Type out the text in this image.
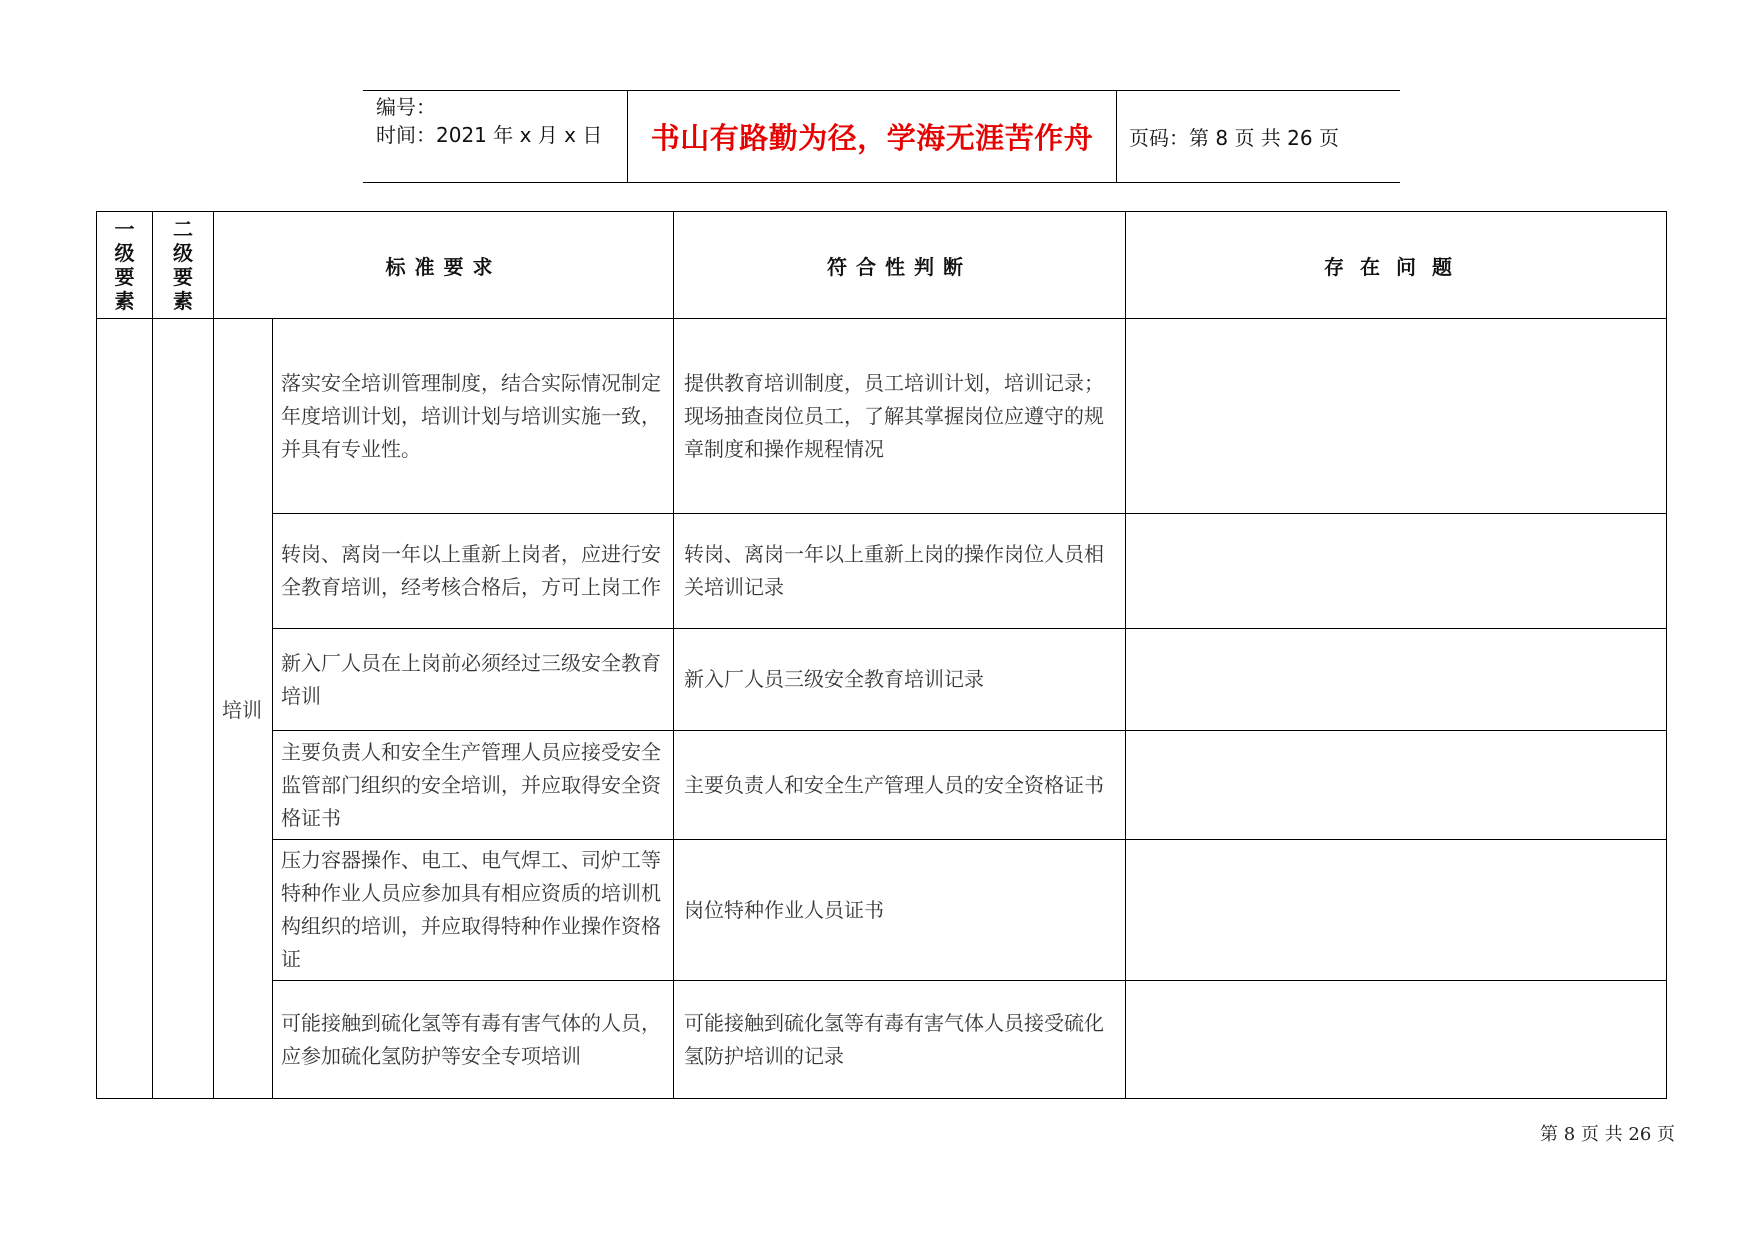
编号：
时间：2021 年 x 月 x 日	书山有路勤为径，学海无涯苦作舟 页码：第 8 页 共 26 页
一级要素	二级要素	标准要求		符合性判断	存在问题
		培训	落实安全培训管理制度，结合实际情况制定年度培训计划，培训计划与培训实施一致，并具有专业性。	提供教育培训制度，员工培训计划，培训记录；现场抽查岗位员工，了解其掌握岗位应遵守的规章制度和操作规程情况	
			转岗、离岗一年以上重新上岗者，应进行安全教育培训，经考核合格后，方可上岗工作	转岗、离岗一年以上重新上岗的操作岗位人员相关培训记录	
			新入厂人员在上岗前必须经过三级安全教育培训	新入厂人员三级安全教育培训记录	
			主要负责人和安全生产管理人员应接受安全监管部门组织的安全培训，并应取得安全资格证书	主要负责人和安全生产管理人员的安全资格证书	
			压力容器操作、电工、电气焊工、司炉工等特种作业人员应参加具有相应资质的培训机构组织的培训，并应取得特种作业操作资格证	岗位特种作业人员证书	
			可能接触到硫化氢等有毒有害气体的人员，应参加硫化氢防护等安全专项培训	可能接触到硫化氢等有毒有害气体人员接受硫化氢防护培训的记录	
第 8 页 共 26 页
